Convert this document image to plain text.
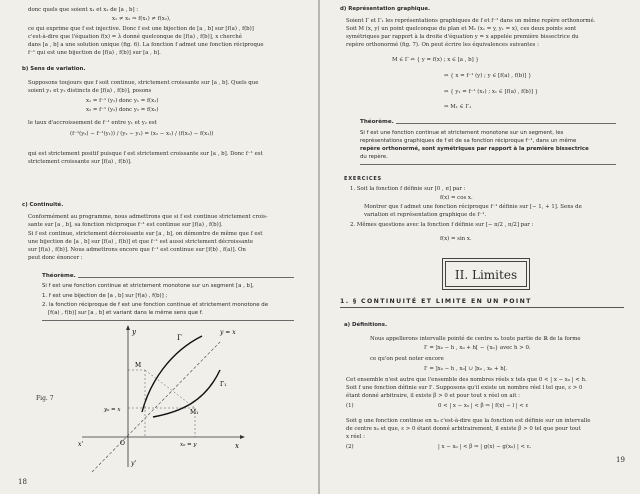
donc quels que soient x₁ et x₂ de [a , b] :
x₁ ≠ x₂ ⇒ f(x₁) ≠ f(x₂),
ce qui exprime que f est injective. Donc f est une bijection de [a , b] sur [f(a) , f(b)]
c'est-à-dire que l'équation f(x) = λ donné quelconque de [f(a) , f(b)], x cherché
dans [a , b] a une solution unique (fig. 6). La fonction f admet une fonction réciproque
f⁻¹ qui est une bijection de [f(a) , f(b)] sur [a , b].
b) Sens de variation.
Supposons toujours que f soit continue, strictement croissante sur [a , b]. Quels que
soient y₁ et y₂ distincts de [f(a) , f(b)], posons
x₁ = f⁻¹ (y₁) donc y₁ = f(x₁)
x₂ = f⁻¹ (y₂) donc y₂ = f(x₂)
le taux d'accroissement de f⁻¹ entre y₁ et y₂ est
(f⁻¹(y₂) − f⁻¹(y₁)) / (y₂ − y₁) = (x₂ − x₁) / (f(x₂) − f(x₁))
qui est strictement positif puisque f est strictement croissante sur [a , b]. Donc f⁻¹ est
strictement croissante sur [f(a) , f(b)].
c) Continuité.
Conformément au programme, nous admettrons que si f est continue strictement crois-
sante sur [a , b], sa fonction réciproque f⁻¹ est continue sur [f(a) , f(b)].
Si f est continue, strictement décroissante sur [a , b], on démontre de même que f est
une bijection de [a , b] sur [f(a) , f(b)] et que f⁻¹ est aussi strictement décroissante
sur [f(a) , f(b)]. Nous admettrons encore que f⁻¹ est continue sur [f(b) , f(a)]. On
peut donc énoncer :
Théorème.
Si f est une fonction continue et strictement monotone sur un segment [a , b],
1. f est une bijection de [a , b] sur [f(a) , f(b)] ;
2. la fonction réciproque de f est une fonction continue et strictement monotone de
[f(a) , f(b)] sur [a , b] et variant dans le même sens que f.
Fig. 7
y
x
x'
y'
O
Γ
Γ₁
M
M₁
y = x
y₀ = x
x₀ = y
18
d) Représentation graphique.
Soient Γ et Γ₁ les représentations graphiques de f et f⁻¹ dans un même repère orthonormé.
Soit M (x, y) un point quelconque du plan et M₁ (x₁ = y, y₁ = x), ces deux points sont
symétriques par rapport à la droite d'équation y = x appelée première bissectrice du
repère orthonormé (fig. 7). On peut écrire les équivalences suivantes :
M ∈ Γ ⇔ { y = f(x) ; x ∈ [a , b] }
⇔ { x = f⁻¹ (y) ; y ∈ [f(a) , f(b)] }
⇔ { y₁ = f⁻¹ (x₁) ; x₁ ∈ [f(a) , f(b)] }
⇔ M₁ ∈ Γ₁
Théorème.
Si f est une fonction continue et strictement monotone sur un segment, les
représentations graphiques de f et de sa fonction réciproque f⁻¹, dans un même
repère orthonormé, sont symétriques par rapport à la première bissectrice
du repère.
EXERCICES
1. Soit la fonction f définie sur [0 , π] par :
f(x) = cos x.
Montrer que f admet une fonction réciproque f⁻¹ définie sur [− 1, + 1]. Sens de
variation et représentation graphique de f⁻¹.
2. Mêmes questions avec la fonction f définie sur [− π/2 , π/2] par :
f(x) = sin x.
II. Limites
1. § CONTINUITÉ ET LIMITE EN UN POINT
a) Définitions.
Nous appellerons intervalle pointé de centre x₀ toute partie de ℝ de la forme
I' = ]x₀ − h , x₀ + h[ − {x₀} avec h > 0.
ce qu'on peut noter encore
I' = ]x₀ − h , x₀[ ∪ ]x₀ , x₀ + h[.
Cet ensemble n'est autre que l'ensemble des nombres réels x tels que 0 < | x − x₀ | < h.
Soit f une fonction définie sur I'. Supposons qu'il existe un nombre réel l tel que, ε > 0
étant donné arbitraire, il existe β > 0 et pour tout x réel on ait :
(1)	0 < | x − x₀ | < β ⇒ | f(x) − l | < ε
Soit g une fonction continue en x₀ c'est-à-dire que la fonction est définie sur un intervalle
de centre x₀ et que, ε > 0 étant donné arbitrairement, il existe β > 0 tel que pour tout
x réel :
(2)	| x − x₀ | < β ⇒ | g(x) − g(x₀) | < ε.
19
